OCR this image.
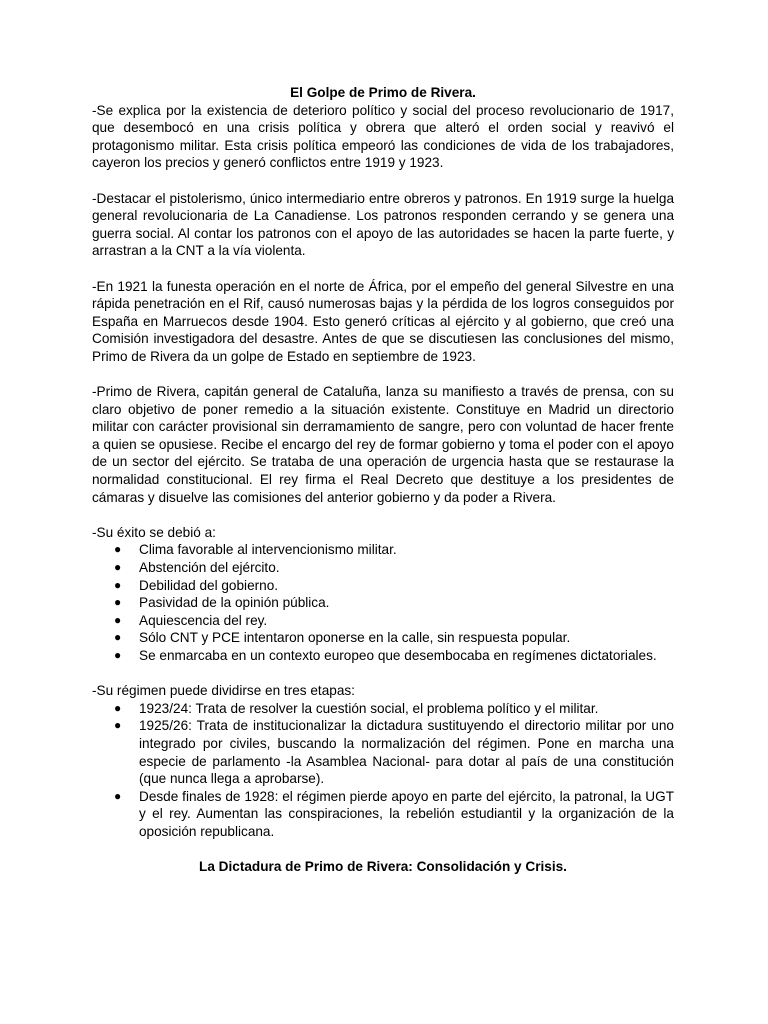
El Golpe de Primo de Rivera.

-Se explica por la existencia de deterioro político y social del proceso revolucionario de 1917, que desembocó en una crisis política y obrera que alteró el orden social y reavivó el protagonismo militar. Esta crisis política empeoró las condiciones de vida de los trabajadores, cayeron los precios y generó conflictos entre 1919 y 1923.

-Destacar el pistolerismo, único intermediario entre obreros y patronos. En 1919 surge la huelga general revolucionaria de La Canadiense. Los patronos responden cerrando y se genera una guerra social. Al contar los patronos con el apoyo de las autoridades se hacen la parte fuerte, y arrastran a la CNT a la vía violenta.

-En 1921 la funesta operación en el norte de África, por el empeño del general Silvestre en una rápida penetración en el Rif, causó numerosas bajas y la pérdida de los logros conseguidos por España en Marruecos desde 1904. Esto generó críticas al ejército y al gobierno, que creó una Comisión investigadora del desastre. Antes de que se discutiesen las conclusiones del mismo, Primo de Rivera da un golpe de Estado en septiembre de 1923.

-Primo de Rivera, capitán general de Cataluña, lanza su manifiesto a través de prensa, con su claro objetivo de poner remedio a la situación existente. Constituye en Madrid un directorio militar con carácter provisional sin derramamiento de sangre, pero con voluntad de hacer frente a quien se opusiese. Recibe el encargo del rey de formar gobierno y toma el poder con el apoyo de un sector del ejército. Se trataba de una operación de urgencia hasta que se restaurase la normalidad constitucional. El rey firma el Real Decreto que destituye a los presidentes de cámaras y disuelve las comisiones del anterior gobierno y da poder a Rivera.

-Su éxito se debió a:

● Clima favorable al intervencionismo militar.
● Abstención del ejército.
● Debilidad del gobierno.
● Pasividad de la opinión pública.
● Aquiescencia del rey.
● Sólo CNT y PCE intentaron oponerse en la calle, sin respuesta popular.
● Se enmarcaba en un contexto europeo que desembocaba en regímenes dictatoriales.

-Su régimen puede dividirse en tres etapas:

● 1923/24: Trata de resolver la cuestión social, el problema político y el militar.
● 1925/26: Trata de institucionalizar la dictadura sustituyendo el directorio militar por uno integrado por civiles, buscando la normalización del régimen. Pone en marcha una especie de parlamento -la Asamblea Nacional- para dotar al país de una constitución (que nunca llega a aprobarse).
● Desde finales de 1928: el régimen pierde apoyo en parte del ejército, la patronal, la UGT y el rey. Aumentan las conspiraciones, la rebelión estudiantil y la organización de la oposición republicana.

La Dictadura de Primo de Rivera: Consolidación y Crisis.
